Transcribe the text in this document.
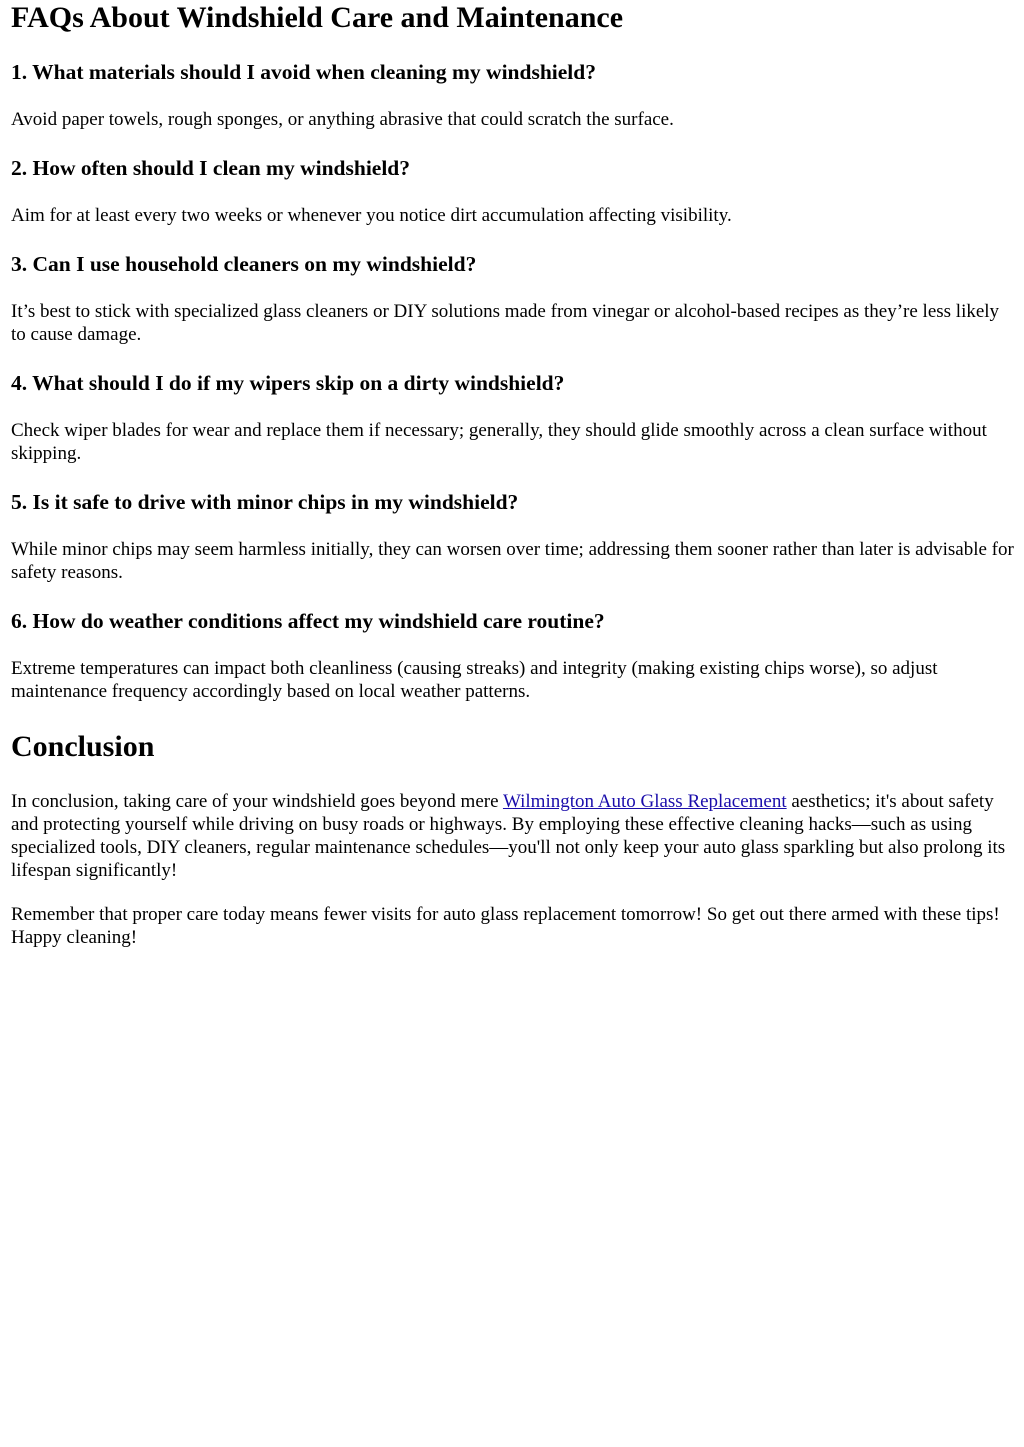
FAQs About Windshield Care and Maintenance
1. What materials should I avoid when cleaning my windshield?

Avoid paper towels, rough sponges, or anything abrasive that could scratch the surface.

2. How often should I clean my windshield?

Aim for at least every two weeks or whenever you notice dirt accumulation affecting visibility.

3. Can I use household cleaners on my windshield?

It’s best to stick with specialized glass cleaners or DIY solutions made from vinegar or alcohol-based recipes as they’re less likely to cause damage.

4. What should I do if my wipers skip on a dirty windshield?

Check wiper blades for wear and replace them if necessary; generally, they should glide smoothly across a clean surface without skipping.

5. Is it safe to drive with minor chips in my windshield?

While minor chips may seem harmless initially, they can worsen over time; addressing them sooner rather than later is advisable for safety reasons.

6. How do weather conditions affect my windshield care routine?

Extreme temperatures can impact both cleanliness (causing streaks) and integrity (making existing chips worse), so adjust maintenance frequency accordingly based on local weather patterns.

Conclusion

In conclusion, taking care of your windshield goes beyond mere Wilmington Auto Glass Replacement aesthetics; it's about safety and protecting yourself while driving on busy roads or highways. By employing these effective cleaning hacks—such as using specialized tools, DIY cleaners, regular maintenance schedules—you'll not only keep your auto glass sparkling but also prolong its lifespan significantly!

Remember that proper care today means fewer visits for auto glass replacement tomorrow! So get out there armed with these tips! Happy cleaning!
